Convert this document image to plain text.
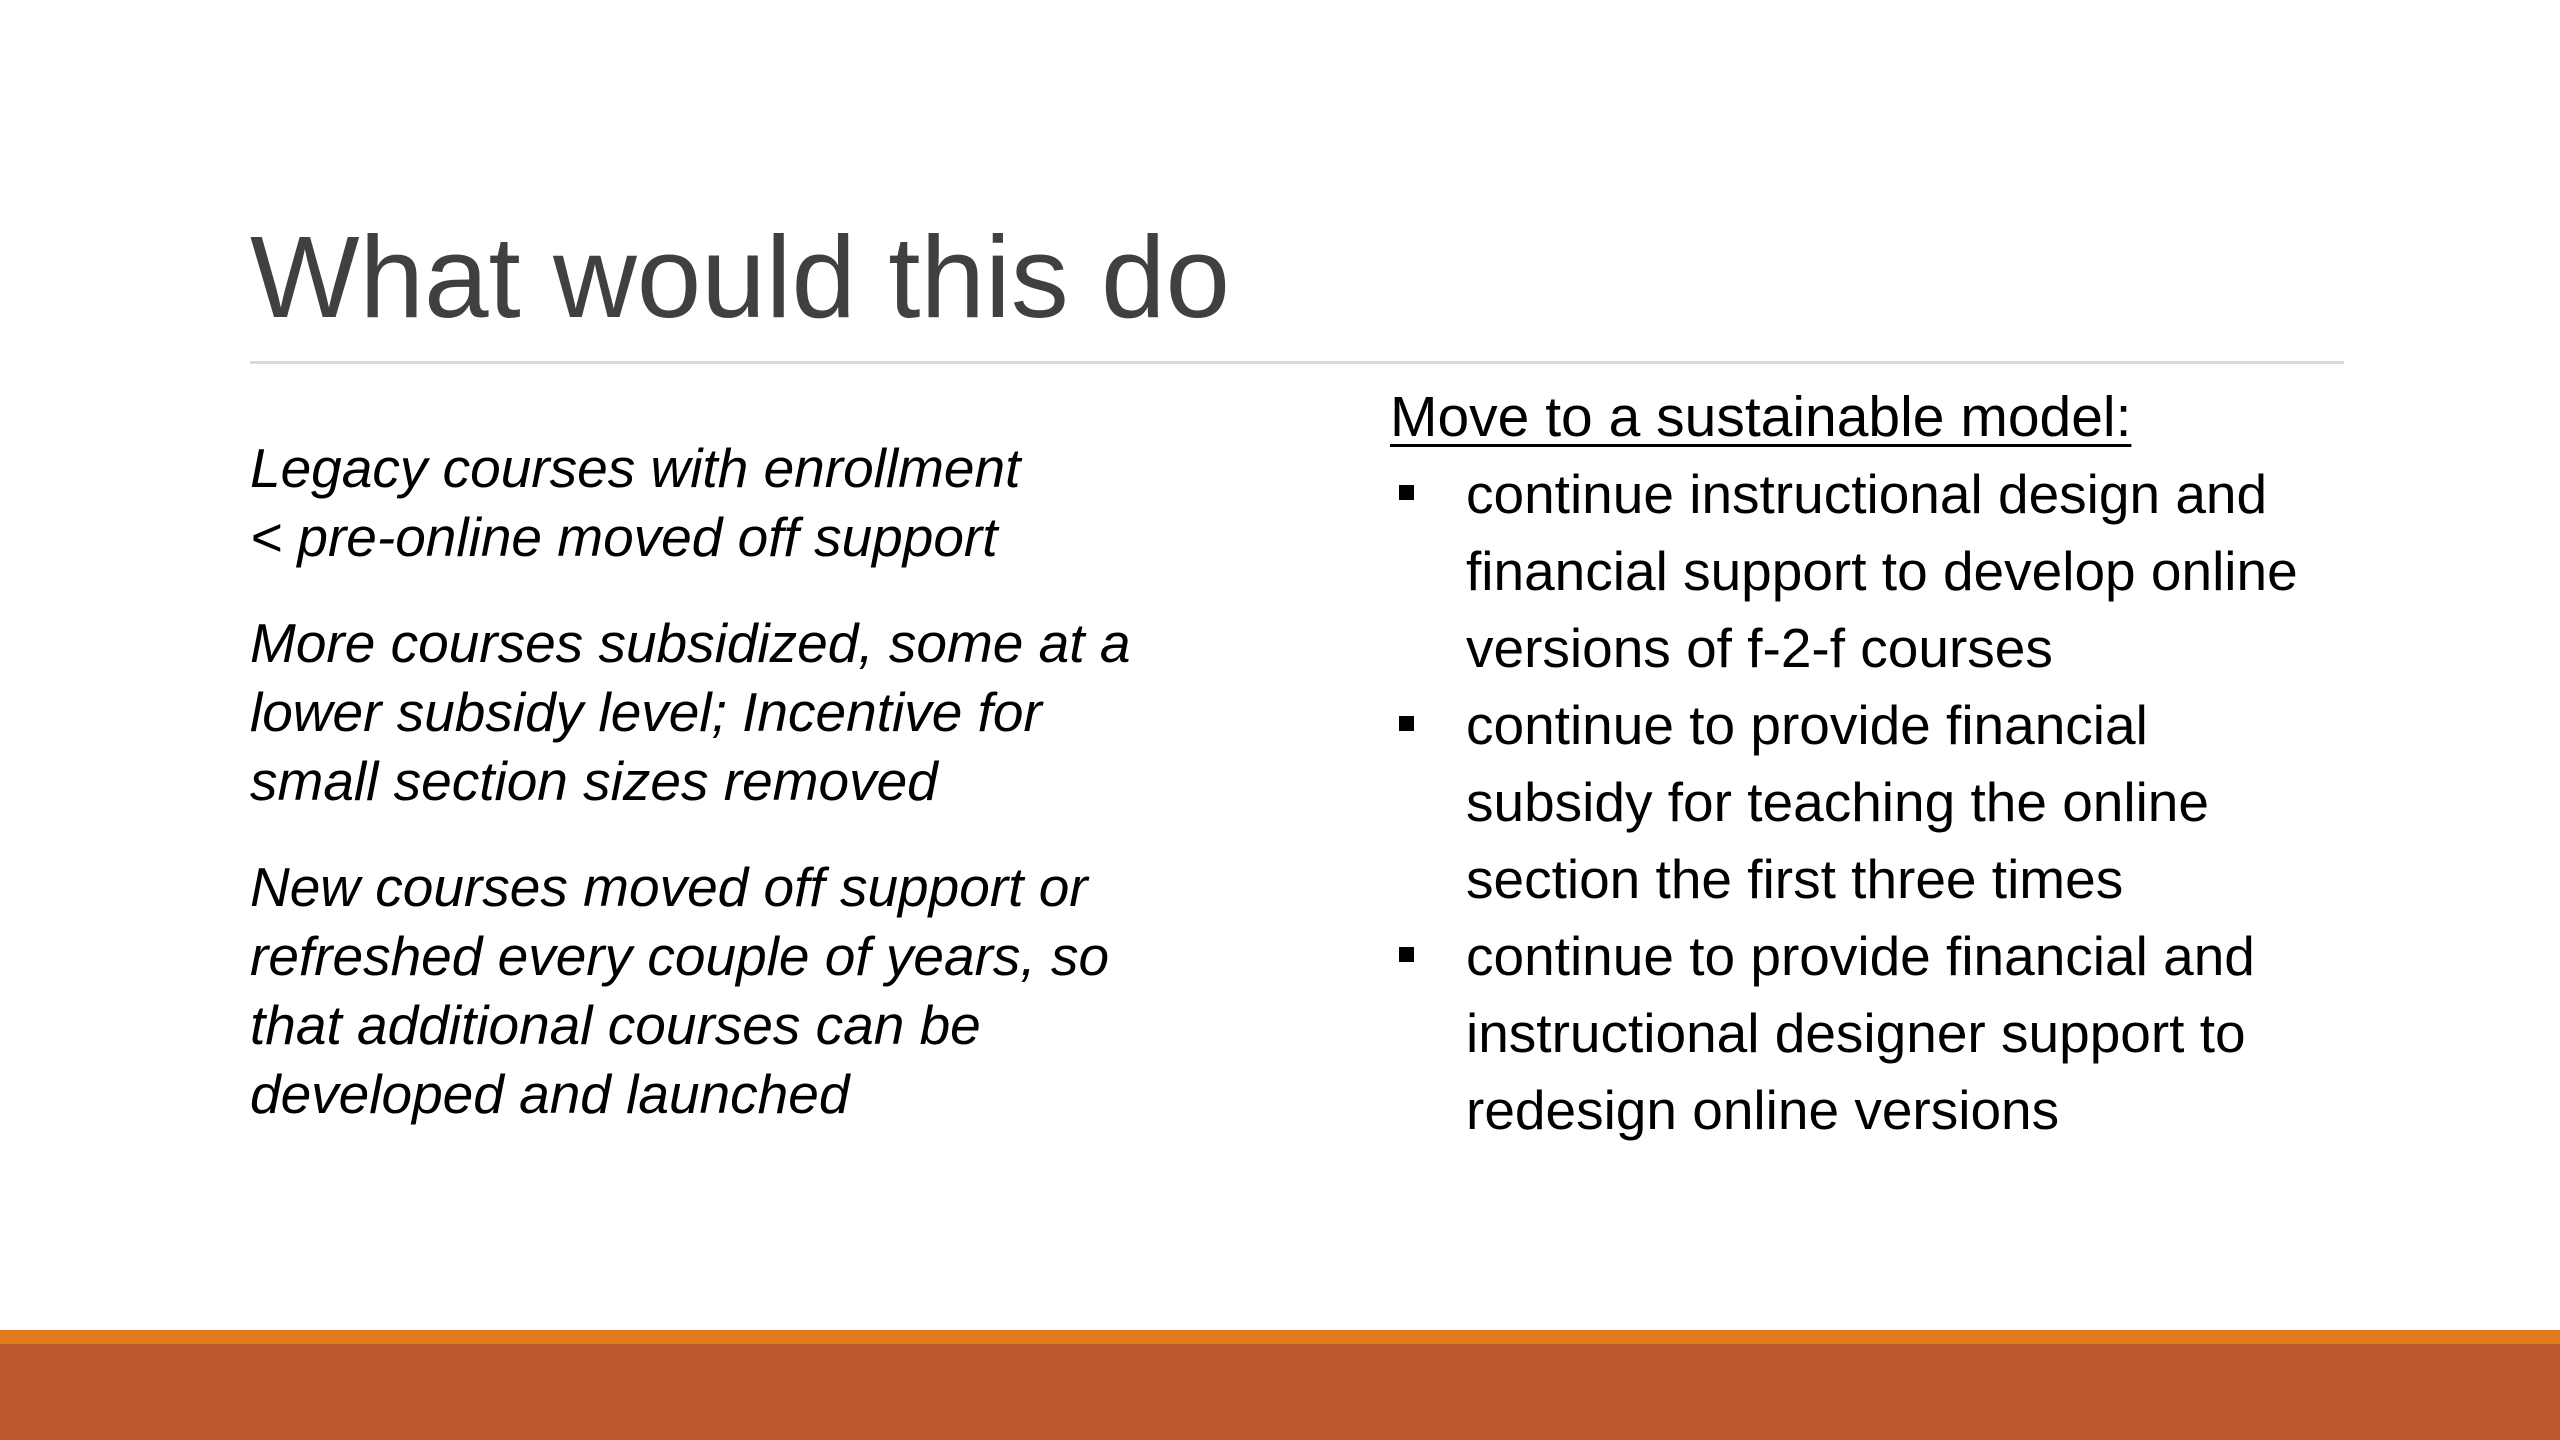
What would this do

Legacy courses with enrollment
< pre-online moved off support

More courses subsidized, some at a lower subsidy level; Incentive for small section sizes removed

New courses moved off support or refreshed every couple of years, so that additional courses can be developed and launched

Move to a sustainable model:

continue instructional design and financial support to develop online versions of f-2-f courses
continue to provide financial subsidy for teaching the online section the first three times
continue to provide financial and instructional designer support to redesign online versions
